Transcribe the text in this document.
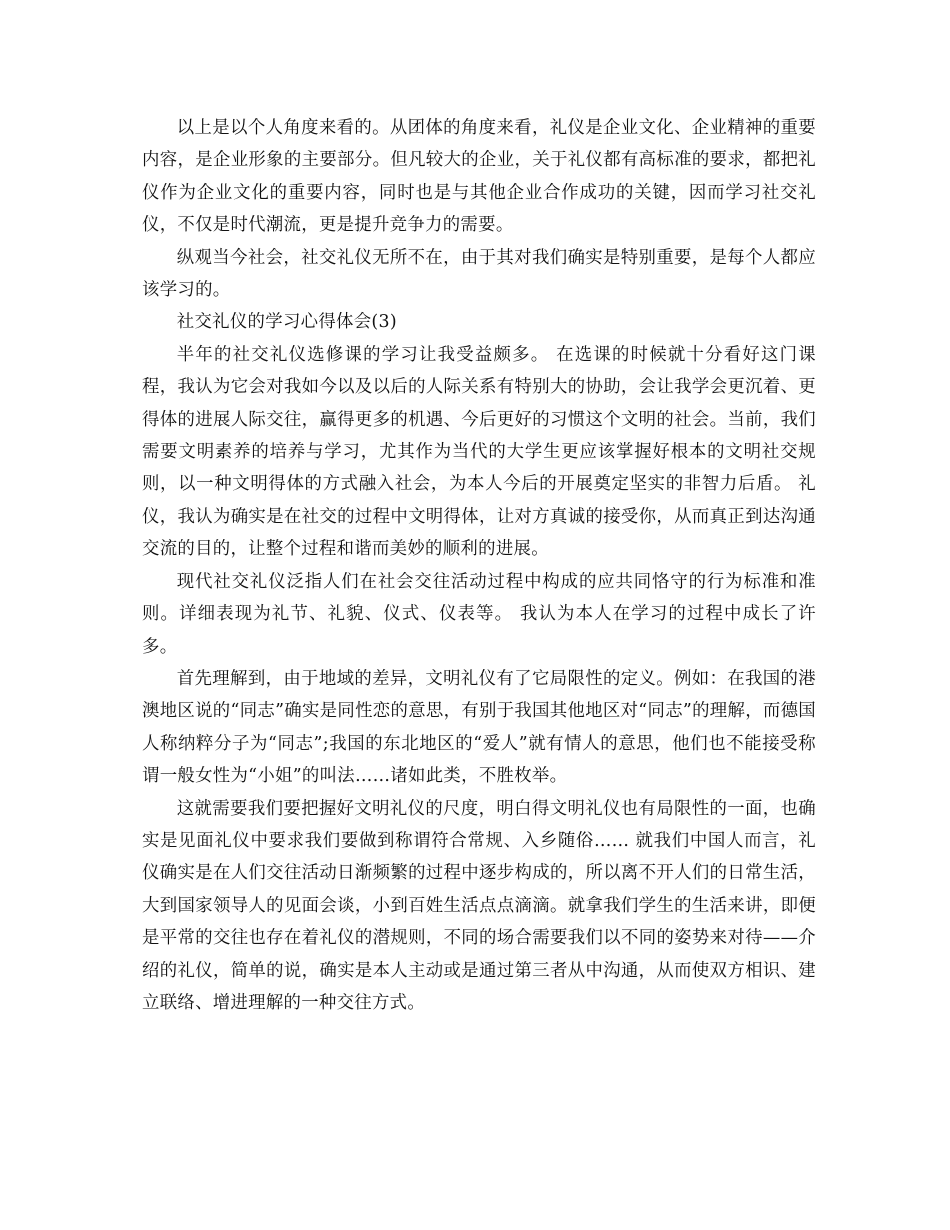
以上是以个人角度来看的。从团体的角度来看，礼仪是企业文化、企业精神的重要内容，是企业形象的主要部分。但凡较大的企业，关于礼仪都有高标准的要求，都把礼仪作为企业文化的重要内容，同时也是与其他企业合作成功的关键，因而学习社交礼仪，不仅是时代潮流，更是提升竞争力的需要。

纵观当今社会，社交礼仪无所不在，由于其对我们确实是特别重要，是每个人都应该学习的。

社交礼仪的学习心得体会(3)

半年的社交礼仪选修课的学习让我受益颇多。 在选课的时候就十分看好这门课程，我认为它会对我如今以及以后的人际关系有特别大的协助，会让我学会更沉着、更得体的进展人际交往，赢得更多的机遇、今后更好的习惯这个文明的社会。当前，我们需要文明素养的培养与学习，尤其作为当代的大学生更应该掌握好根本的文明社交规则，以一种文明得体的方式融入社会，为本人今后的开展奠定坚实的非智力后盾。 礼仪，我认为确实是在社交的过程中文明得体，让对方真诚的接受你，从而真正到达沟通交流的目的，让整个过程和谐而美妙的顺利的进展。

现代社交礼仪泛指人们在社会交往活动过程中构成的应共同恪守的行为标准和准则。详细表现为礼节、礼貌、仪式、仪表等。 我认为本人在学习的过程中成长了许多。

首先理解到，由于地域的差异，文明礼仪有了它局限性的定义。例如：在我国的港澳地区说的“同志”确实是同性恋的意思，有别于我国其他地区对“同志”的理解，而德国人称纳粹分子为“同志”;我国的东北地区的“爱人”就有情人的意思，他们也不能接受称谓一般女性为“小姐”的叫法……诸如此类，不胜枚举。

这就需要我们要把握好文明礼仪的尺度，明白得文明礼仪也有局限性的一面，也确实是见面礼仪中要求我们要做到称谓符合常规、入乡随俗…… 就我们中国人而言，礼仪确实是在人们交往活动日渐频繁的过程中逐步构成的，所以离不开人们的日常生活，大到国家领导人的见面会谈，小到百姓生活点点滴滴。就拿我们学生的生活来讲，即便是平常的交往也存在着礼仪的潜规则，不同的场合需要我们以不同的姿势来对待——介绍的礼仪，简单的说，确实是本人主动或是通过第三者从中沟通，从而使双方相识、建立联络、增进理解的一种交往方式。
